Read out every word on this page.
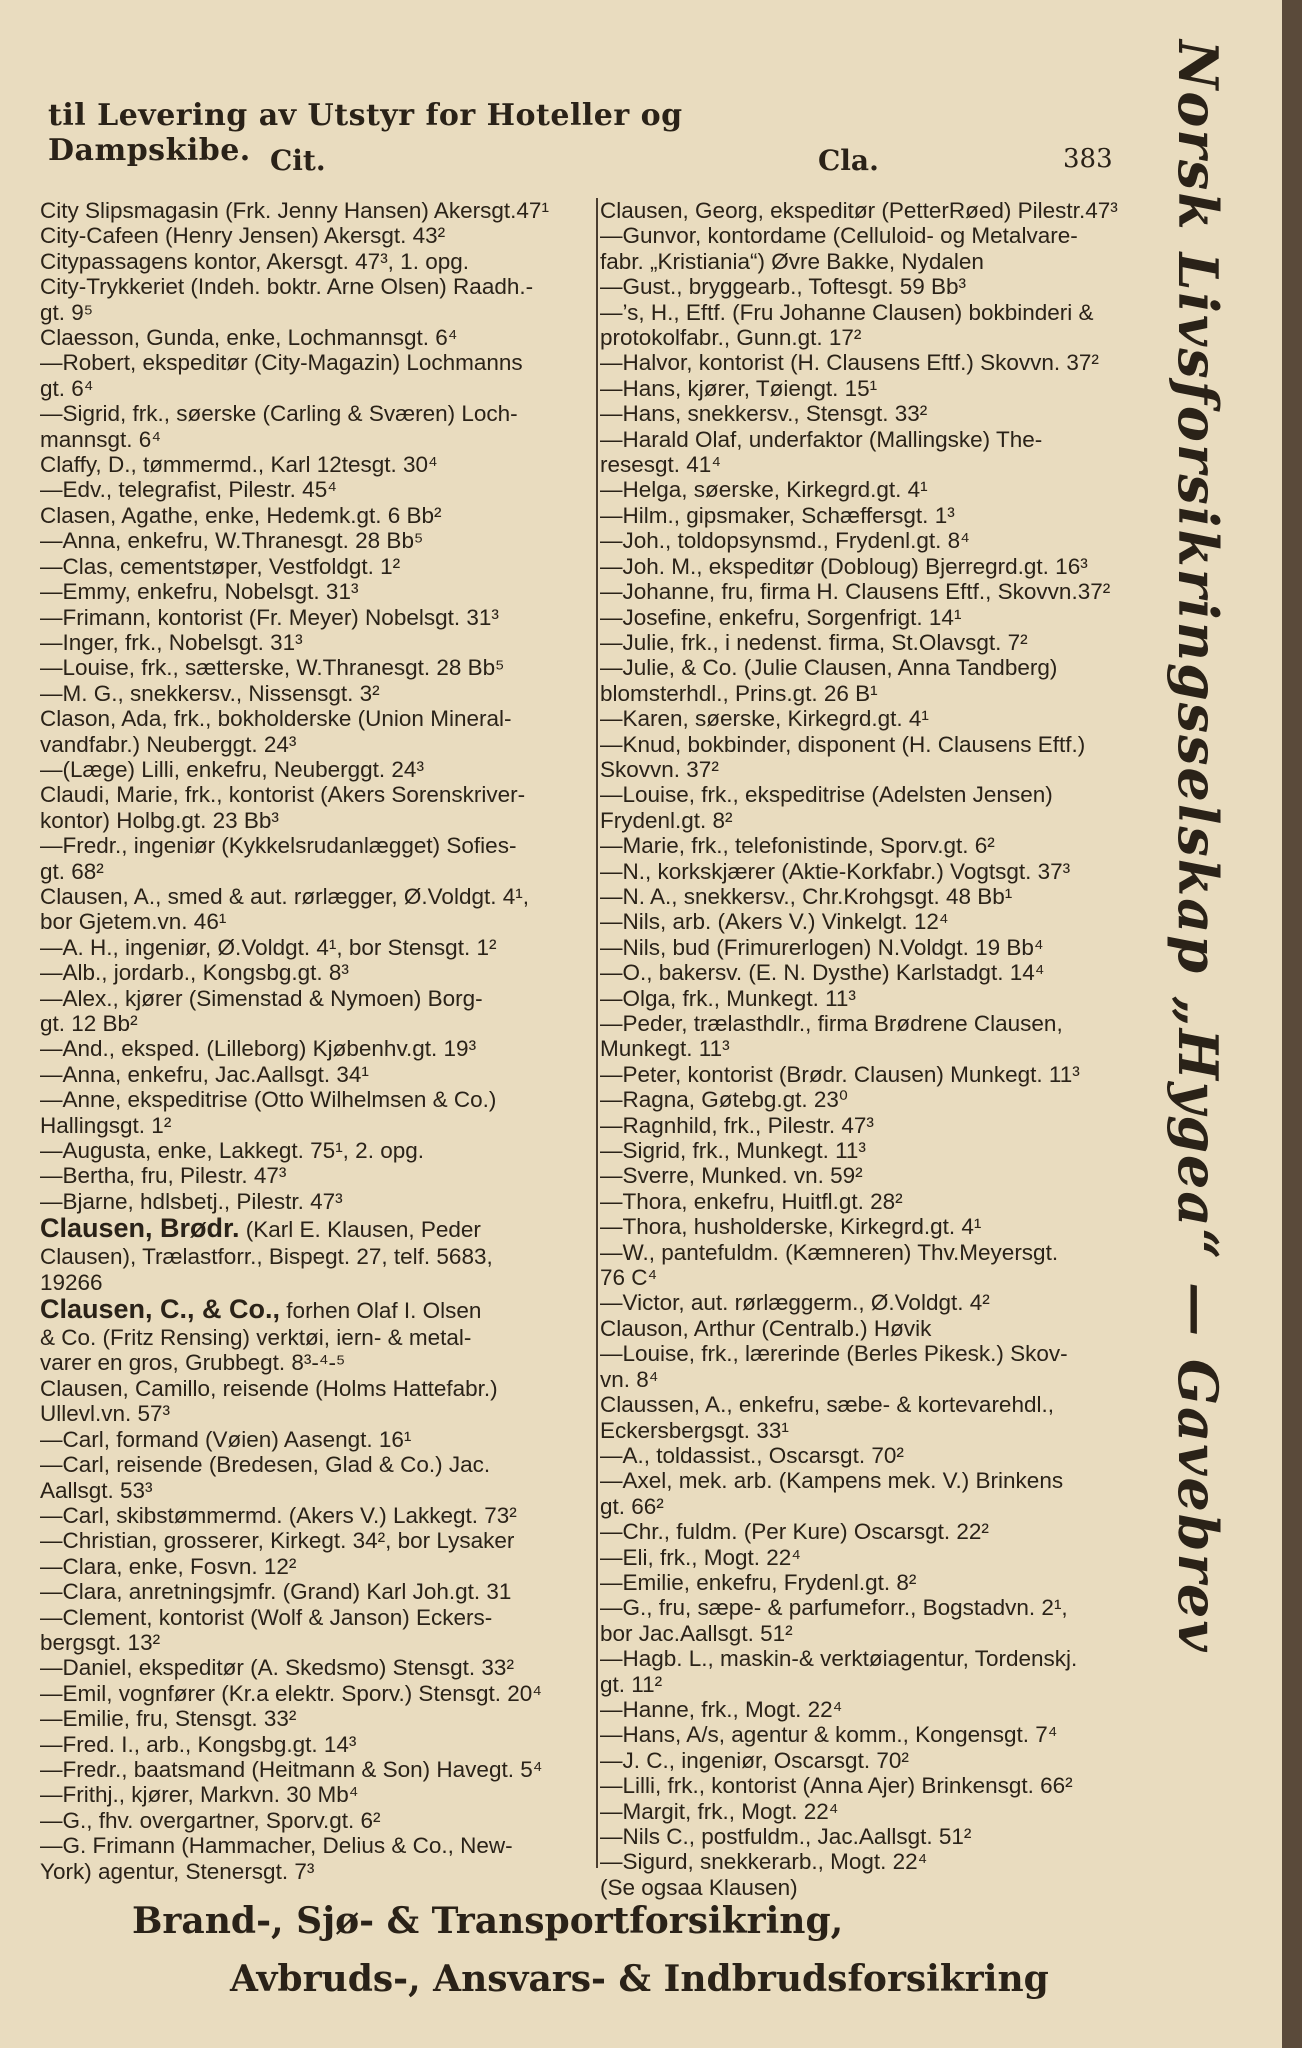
til Levering av Utstyr for Hoteller og Dampskibe. Cit.	Cla.	383
City Slipsmagasin (Frk. Jenny Hansen) Akersgt.47¹
City-Cafeen (Henry Jensen) Akersgt. 43²
Citypassagens kontor, Akersgt. 47³, 1. opg.
City-Trykkeriet (Indeh. boktr. Arne Olsen) Raadh.-
gt. 9⁵
Claesson, Gunda, enke, Lochmannsgt. 6⁴
—Robert, ekspeditør (City-Magazin) Lochmanns
gt. 6⁴
—Sigrid, frk., søerske (Carling & Sværen) Loch-
mannsgt. 6⁴
Claffy, D., tømmermd., Karl 12tesgt. 30⁴
—Edv., telegrafist, Pilestr. 45⁴
Clasen, Agathe, enke, Hedemk.gt. 6 Bb²
—Anna, enkefru, W.Thranesgt. 28 Bb⁵
—Clas, cementstøper, Vestfoldgt. 1²
—Emmy, enkefru, Nobelsgt. 31³
—Frimann, kontorist (Fr. Meyer) Nobelsgt. 31³
—Inger, frk., Nobelsgt. 31³
—Louise, frk., sætterske, W.Thranesgt. 28 Bb⁵
—M. G., snekkersv., Nissensgt. 3²
Clason, Ada, frk., bokholderske (Union Mineral-
vandfabr.) Neuberggt. 24³
—(Læge) Lilli, enkefru, Neuberggt. 24³
Claudi, Marie, frk., kontorist (Akers Sorenskriver-
kontor) Holbg.gt. 23 Bb³
—Fredr., ingeniør (Kykkelsrudanlægget) Sofies-
gt. 68²
Clausen, A., smed & aut. rørlægger, Ø.Voldgt. 4¹,
bor Gjetem.vn. 46¹
—A. H., ingeniør, Ø.Voldgt. 4¹, bor Stensgt. 1²
—Alb., jordarb., Kongsbg.gt. 8³
—Alex., kjører (Simenstad & Nymoen) Borg-
gt. 12 Bb²
—And., eksped. (Lilleborg) Kjøbenhv.gt. 19³
—Anna, enkefru, Jac.Aallsgt. 34¹
—Anne, ekspeditrise (Otto Wilhelmsen & Co.)
Hallingsgt. 1²
—Augusta, enke, Lakkegt. 75¹, 2. opg.
—Bertha, fru, Pilestr. 47³
—Bjarne, hdlsbetj., Pilestr. 47³
Clausen, Brødr. (Karl E. Klausen, Peder
Clausen), Trælastforr., Bispegt. 27, telf. 5683,
19266
Clausen, C., & Co., forhen Olaf I. Olsen
& Co. (Fritz Rensing) verktøi, iern- & metal-
varer en gros, Grubbegt. 8³-⁴-⁵
Clausen, Camillo, reisende (Holms Hattefabr.)
Ullevl.vn. 57³
—Carl, formand (Vøien) Aasengt. 16¹
—Carl, reisende (Bredesen, Glad & Co.) Jac.
Aallsgt. 53³
—Carl, skibstømmermd. (Akers V.) Lakkegt. 73²
—Christian, grosserer, Kirkegt. 34², bor Lysaker
—Clara, enke, Fosvn. 12²
—Clara, anretningsjmfr. (Grand) Karl Joh.gt. 31
—Clement, kontorist (Wolf & Janson) Eckers-
bergsgt. 13²
—Daniel, ekspeditør (A. Skedsmo) Stensgt. 33²
—Emil, vognfører (Kr.a elektr. Sporv.) Stensgt. 20⁴
—Emilie, fru, Stensgt. 33²
—Fred. I., arb., Kongsbg.gt. 14³
—Fredr., baatsmand (Heitmann & Son) Havegt. 5⁴
—Frithj., kjører, Markvn. 30 Mb⁴
—G., fhv. overgartner, Sporv.gt. 6²
—G. Frimann (Hammacher, Delius & Co., New-
York) agentur, Stenersgt. 7³
Clausen, Georg, ekspeditør (PetterRøed) Pilestr.47³
—Gunvor, kontordame (Celluloid- og Metalvare-
fabr. „Kristiania“) Øvre Bakke, Nydalen
—Gust., bryggearb., Toftesgt. 59 Bb³
—’s, H., Eftf. (Fru Johanne Clausen) bokbinderi &
protokolfabr., Gunn.gt. 17²
—Halvor, kontorist (H. Clausens Eftf.) Skovvn. 37²
—Hans, kjører, Tøiengt. 15¹
—Hans, snekkersv., Stensgt. 33²
—Harald Olaf, underfaktor (Mallingske) The-
resesgt. 41⁴
—Helga, søerske, Kirkegrd.gt. 4¹
—Hilm., gipsmaker, Schæffersgt. 1³
—Joh., toldopsynsmd., Frydenl.gt. 8⁴
—Joh. M., ekspeditør (Dobloug) Bjerregrd.gt. 16³
—Johanne, fru, firma H. Clausens Eftf., Skovvn.37²
—Josefine, enkefru, Sorgenfrigt. 14¹
—Julie, frk., i nedenst. firma, St.Olavsgt. 7²
—Julie, & Co. (Julie Clausen, Anna Tandberg)
blomsterhdl., Prins.gt. 26 B¹
—Karen, søerske, Kirkegrd.gt. 4¹
—Knud, bokbinder, disponent (H. Clausens Eftf.)
Skovvn. 37²
—Louise, frk., ekspeditrise (Adelsten Jensen)
Frydenl.gt. 8²
—Marie, frk., telefonistinde, Sporv.gt. 6²
—N., korkskjærer (Aktie-Korkfabr.) Vogtsgt. 37³
—N. A., snekkersv., Chr.Krohgsgt. 48 Bb¹
—Nils, arb. (Akers V.) Vinkelgt. 12⁴
—Nils, bud (Frimurerlogen) N.Voldgt. 19 Bb⁴
—O., bakersv. (E. N. Dysthe) Karlstadgt. 14⁴
—Olga, frk., Munkegt. 11³
—Peder, trælasthdlr., firma Brødrene Clausen,
Munkegt. 11³
—Peter, kontorist (Brødr. Clausen) Munkegt. 11³
—Ragna, Gøtebg.gt. 23⁰
—Ragnhild, frk., Pilestr. 47³
—Sigrid, frk., Munkegt. 11³
—Sverre, Munked. vn. 59²
—Thora, enkefru, Huitfl.gt. 28²
—Thora, husholderske, Kirkegrd.gt. 4¹
—W., pantefuldm. (Kæmneren) Thv.Meyersgt.
76 C⁴
—Victor, aut. rørlæggerm., Ø.Voldgt. 4²
Clauson, Arthur (Centralb.) Høvik
—Louise, frk., lærerinde (Berles Pikesk.) Skov-
vn. 8⁴
Claussen, A., enkefru, sæbe- & kortevarehdl.,
Eckersbergsgt. 33¹
—A., toldassist., Oscarsgt. 70²
—Axel, mek. arb. (Kampens mek. V.) Brinkens
gt. 66²
—Chr., fuldm. (Per Kure) Oscarsgt. 22²
—Eli, frk., Mogt. 22⁴
—Emilie, enkefru, Frydenl.gt. 8²
—G., fru, sæpe- & parfumeforr., Bogstadvn. 2¹,
bor Jac.Aallsgt. 51²
—Hagb. L., maskin-& verktøiagentur, Tordenskj.
gt. 11²
—Hanne, frk., Mogt. 22⁴
—Hans, A/s, agentur & komm., Kongensgt. 7⁴
—J. C., ingeniør, Oscarsgt. 70²
—Lilli, frk., kontorist (Anna Ajer) Brinkensgt. 66²
—Margit, frk., Mogt. 22⁴
—Nils C., postfuldm., Jac.Aallsgt. 51²
—Sigurd, snekkerarb., Mogt. 22⁴
(Se ogsaa Klausen)
Norsk Livsforsikringsselskap „Hygea“ — Gavebrev
Brand-, Sjø- & Transportforsikring,
Avbruds-, Ansvars- & Indbrudsforsikring
